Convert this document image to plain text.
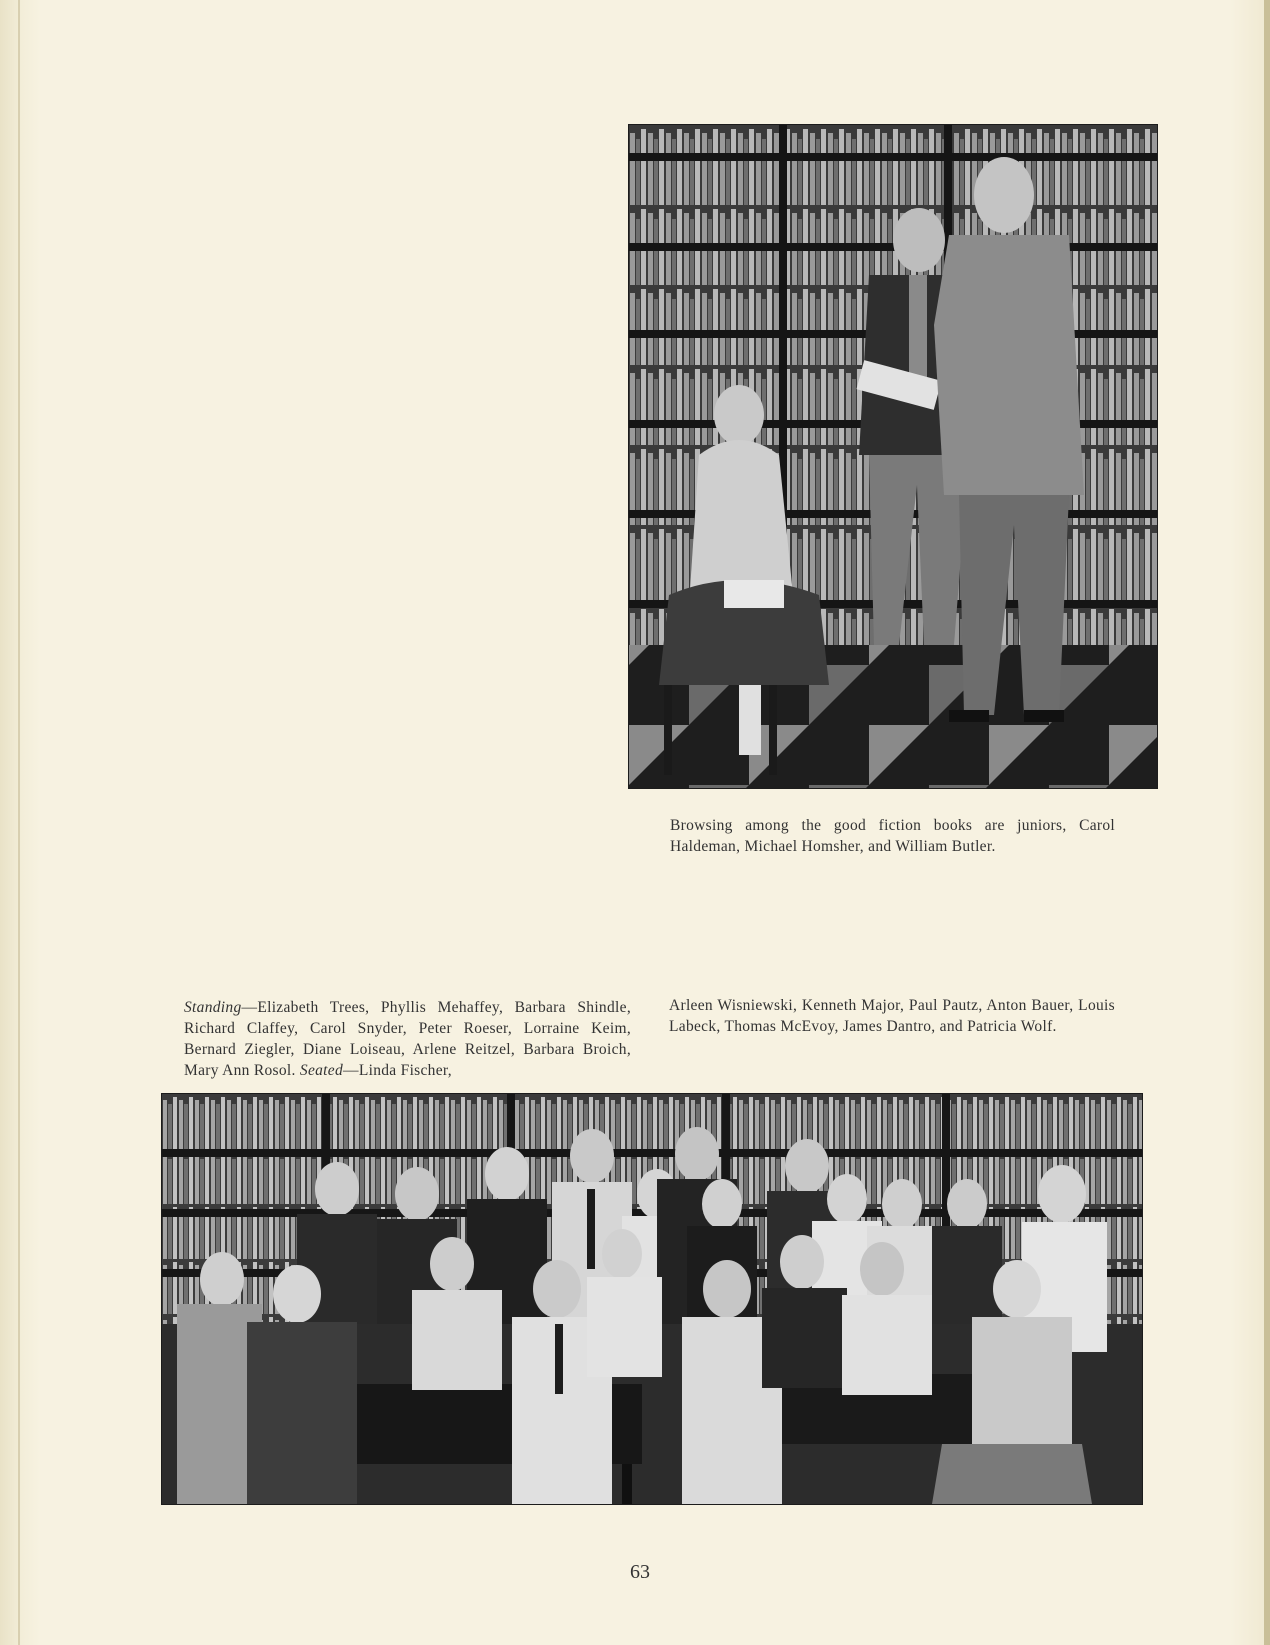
Browsing among the good fiction books are juniors, Carol Haldeman, Michael Homsher, and William Butler.
Standing—Elizabeth Trees, Phyllis Mehaffey, Barbara Shindle, Richard Claffey, Carol Snyder, Peter Roeser, Lorraine Keim, Bernard Ziegler, Diane Loiseau, Arlene Reitzel, Barbara Broich, Mary Ann Rosol. Seated—Linda Fischer,
Arleen Wisniewski, Kenneth Major, Paul Pautz, Anton Bauer, Louis Labeck, Thomas McEvoy, James Dantro, and Patricia Wolf.
63
